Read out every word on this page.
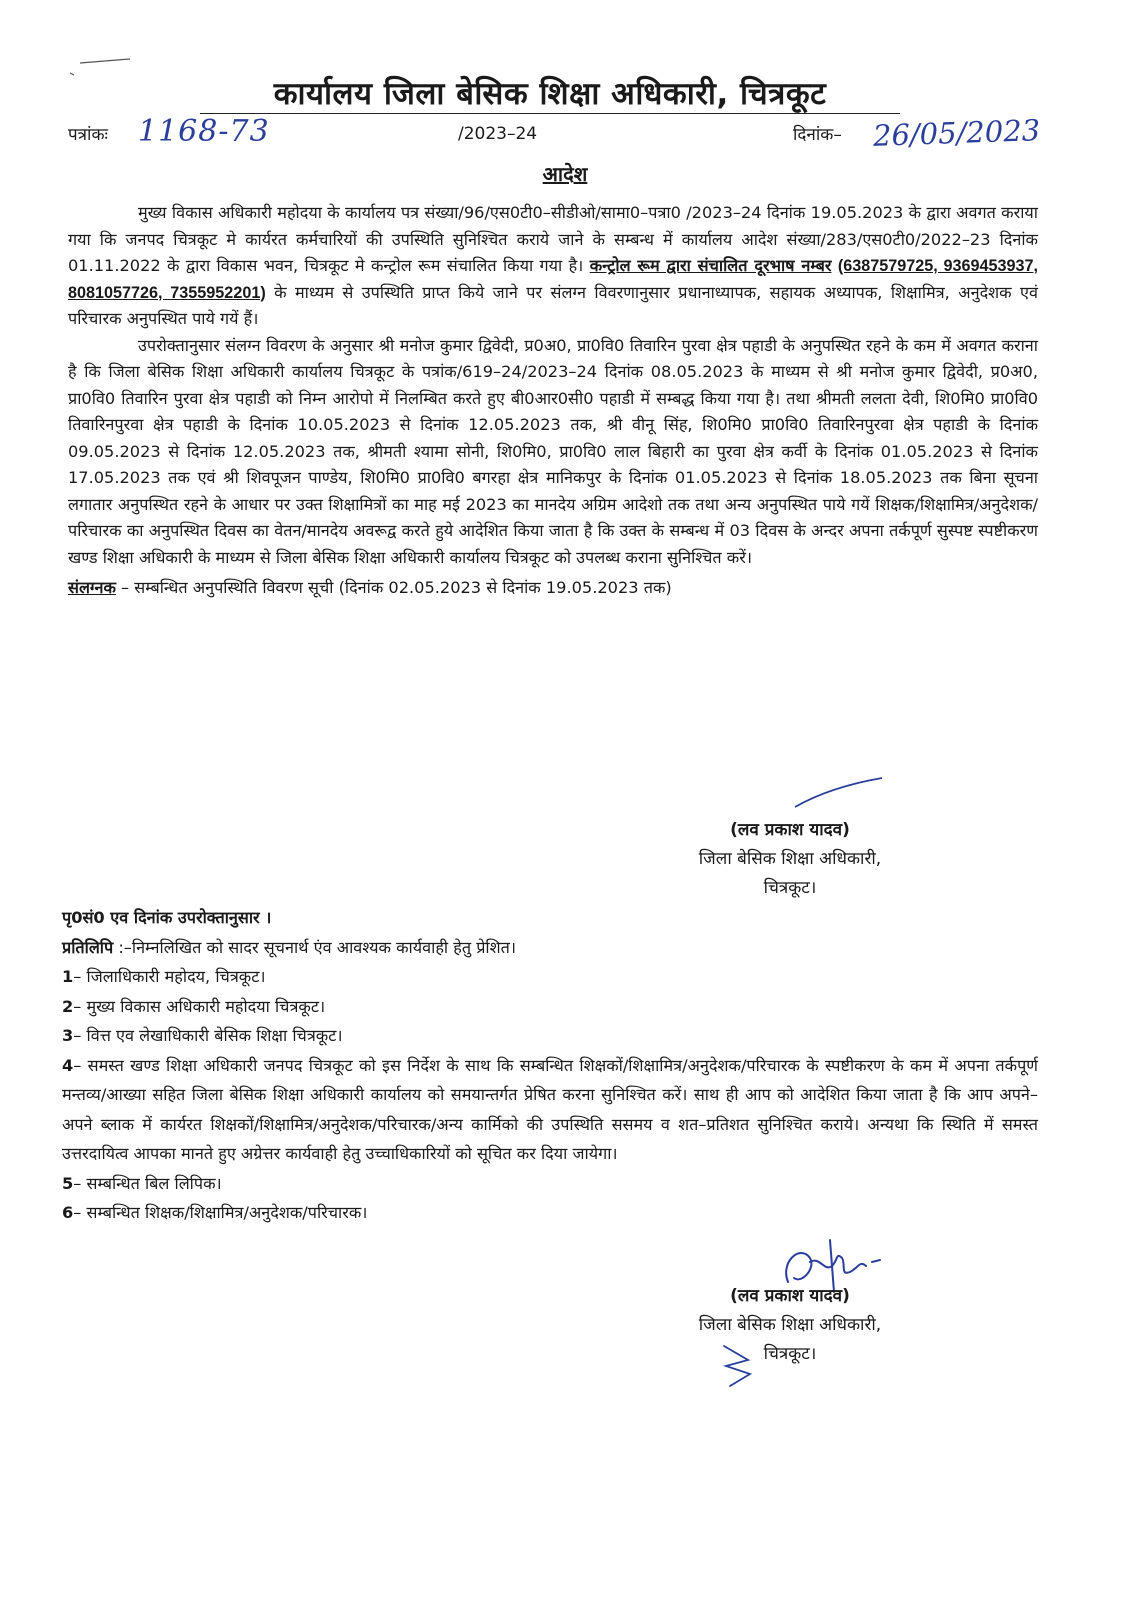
कार्यालय जिला बेसिक शिक्षा अधिकारी, चित्रकूट
पत्रांकः 1168-73	/2023–24	दिनांक– 26/05/2023
आदेश

मुख्य विकास अधिकारी महोदया के कार्यालय पत्र संख्या/96/एस0टी0–सीडीओ/सामा0–पत्रा0 /2023–24 दिनांक 19.05.2023 के द्वारा अवगत कराया गया कि जनपद चित्रकूट मे कार्यरत कर्मचारियों की उपस्थिति सुनिश्चित कराये जाने के सम्बन्ध में कार्यालय आदेश संख्या/283/एस0टी0/2022–23 दिनांक 01.11.2022 के द्वारा विकास भवन, चित्रकूट मे कन्ट्रोल रूम संचालित किया गया है। कन्ट्रोल रूम द्वारा संचालित दूरभाष नम्बर (6387579725, 9369453937, 8081057726, 7355952201) के माध्यम से उपस्थिति प्राप्त किये जाने पर संलग्न विवरणानुसार प्रधानाध्यापक, सहायक अध्यापक, शिक्षामित्र, अनुदेशक एवं परिचारक अनुपस्थित पाये गयें हैं।

उपरोक्तानुसार संलग्न विवरण के अनुसार श्री मनोज कुमार द्विवेदी, प्र0अ0, प्रा0वि0 तिवारिन पुरवा क्षेत्र पहाडी के अनुपस्थित रहने के कम में अवगत कराना है कि जिला बेसिक शिक्षा अधिकारी कार्यालय चित्रकूट के पत्रांक/619–24/2023–24 दिनांक 08.05.2023 के माध्यम से श्री मनोज कुमार द्विवेदी, प्र0अ0, प्रा0वि0 तिवारिन पुरवा क्षेत्र पहाडी को निम्न आरोपो में निलम्बित करते हुए बी0आर0सी0 पहाडी में सम्बद्ध किया गया है। तथा श्रीमती ललता देवी, शि0मि0 प्रा0वि0 तिवारिनपुरवा क्षेत्र पहाडी के दिनांक 10.05.2023 से दिनांक 12.05.2023 तक, श्री वीनू सिंह, शि0मि0 प्रा0वि0 तिवारिनपुरवा क्षेत्र पहाडी के दिनांक 09.05.2023 से दिनांक 12.05.2023 तक, श्रीमती श्यामा सोनी, शि0मि0, प्रा0वि0 लाल बिहारी का पुरवा क्षेत्र कर्वी के दिनांक 01.05.2023 से दिनांक 17.05.2023 तक एवं श्री शिवपूजन पाण्डेय, शि0मि0 प्रा0वि0 बगरहा क्षेत्र मानिकपुर के दिनांक 01.05.2023 से दिनांक 18.05.2023 तक बिना सूचना लगातार अनुपस्थित रहने के आधार पर उक्त शिक्षामित्रों का माह मई 2023 का मानदेय अग्रिम आदेशो तक तथा अन्य अनुपस्थित पाये गयें शिक्षक/शिक्षामित्र/अनुदेशक/परिचारक का अनुपस्थित दिवस का वेतन/मानदेय अवरूद्व करते हुये आदेशित किया जाता है कि उक्त के सम्बन्ध में 03 दिवस के अन्दर अपना तर्कपूर्ण सुस्पष्ट स्पष्टीकरण खण्ड शिक्षा अधिकारी के माध्यम से जिला बेसिक शिक्षा अधिकारी कार्यालय चित्रकूट को उपलब्ध कराना सुनिश्चित करें।

संलग्नक – सम्बन्धित अनुपस्थिति विवरण सूची (दिनांक 02.05.2023 से दिनांक 19.05.2023 तक)

(लव प्रकाश यादव)
जिला बेसिक शिक्षा अधिकारी,
चित्रकूट।

पृ0सं0 एव दिनांक उपरोक्तानुसार ।

प्रतिलिपि :–निम्नलिखित को सादर सूचनार्थ एंव आवश्यक कार्यवाही हेतु प्रेशित।

1– जिलाधिकारी महोदय, चित्रकूट।

2– मुख्य विकास अधिकारी महोदया चित्रकूट।

3– वित्त एव लेखाधिकारी बेसिक शिक्षा चित्रकूट।

4– समस्त खण्ड शिक्षा अधिकारी जनपद चित्रकूट को इस निर्देश के साथ कि सम्बन्धित शिक्षकों/शिक्षामित्र/अनुदेशक/परिचारक के स्पष्टीकरण के कम में अपना तर्कपूर्ण मन्तव्य/आख्या सहित जिला बेसिक शिक्षा अधिकारी कार्यालय को समयान्तर्गत प्रेषित करना सुनिश्चित करें। साथ ही आप को आदेशित किया जाता है कि आप अपने–अपने ब्लाक में कार्यरत शिक्षकों/शिक्षामित्र/अनुदेशक/परिचारक/अन्य कार्मिको की उपस्थिति ससमय व शत–प्रतिशत सुनिश्चित कराये। अन्यथा कि स्थिति में समस्त उत्तरदायित्व आपका मानते हुए अग्रेत्तर कार्यवाही हेतु उच्चाधिकारियों को सूचित कर दिया जायेगा।

5– सम्बन्धित बिल लिपिक।

6– सम्बन्धित शिक्षक/शिक्षामित्र/अनुदेशक/परिचारक।

(लव प्रकाश यादव)
जिला बेसिक शिक्षा अधिकारी,
चित्रकूट।
